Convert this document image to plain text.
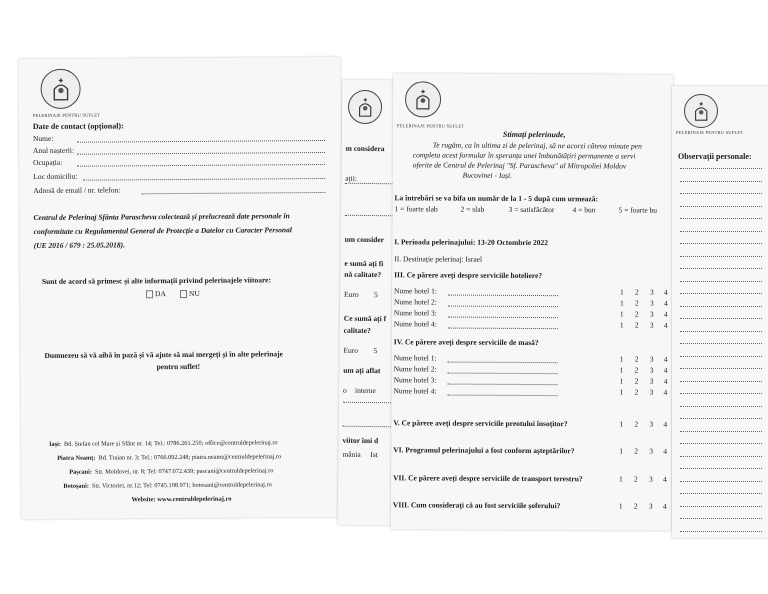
PELERINAJE PENTRU SUFLET
Date de contact (opțional):
Nume:
Anul nașterii:
Ocupația:
Loc domiciliu:
Adresă de email / nr. telefon:
Centrul de Pelerinaj Sfânta Parascheva colectează și prelucrează date personale în
conformitate cu Regulamentul General de Protecție a Datelor cu Caracter Personal
(UE 2016 / 679 : 25.05.2018).
Sunt de acord să primesc și alte informații privind pelerinajele viitoare:
DA	NU
Dumnezeu să vă aibă în pază și vă ajute să mai mergeți și în alte pelerinaje
pentru suflet!
Iași: Bd. Ștefan cel Mare și Sfânt nr. 14; Tel.: 0786.261.250; office@centruldepelerinaj.ro
Piatra Neamț: Bd. Traian nr. 3; Tel.: 0766.092.248; piatra.neamt@centruldepelerinaj.ro
Pașcani: Str. Moldovei, nr. 8; Tel: 0747.072.439; pascani@centruldepelerinaj.ro
Botoșani: Str. Victoriei, nr.12; Tel: 0745.108.971; botosani@centruldepelerinaj.ro
Website: www.centruldepelerinaj.ro
m considera
ații:
um consider
e sumă ați fi
nă calitate?
Euro 5
Ce sumă ați f
calitate?
Euro 5
um ați aflat
o interne
viitor îmi d
mânia Ist
PELERINAJE PENTRU SUFLET
Stimați pelerinude,
Te rugăm, ca în ultima zi de pelerinaj, să ne acorzi câteva minute pen
completa acest formular în speranța unei îmbunătățiri permanente a servi
oferite de Centrul de Pelerinaj "Sf. Parascheva" al Mitropoliei Moldov
Bucovinei - Iași.
La întrebări se va bifa un număr de la 1 - 5 după cum urmează:
1 = foarte slab	2 = slab	3 = satisfăcător 4 = bun	5 = foarte bu
I. Perioada pelerinajului: 13-20 Octombrie 2022
II. Destinație pelerinaj: Israel
III. Ce părere aveți despre serviciile hoteliere?
Nume hotel 1:	1 2 3 4
Nume hotel 2:	1 2 3 4
Nume hotel 3:	1 2 3 4
Nume hotel 4:	1 2 3 4
IV. Ce părere aveți despre serviciile de masă?
Nume hotel 1:	1 2 3 4
Nume hotel 2:	1 2 3 4
Nume hotel 3:	1 2 3 4
Nume hotel 4:	1 2 3 4
V. Ce părere aveți despre serviciile preotului însoțitor?	1 2 3 4
VI. Programul pelerinajului a fost conform așteptărilor?	1 2 3 4
VII. Ce părere aveți despre serviciile de transport terestru?	1 2 3 4
VIII. Cum considerați că au fost serviciile șoferului?	1 2 3 4
PELERINAJE PENTRU SUFLET
Observații personale:
